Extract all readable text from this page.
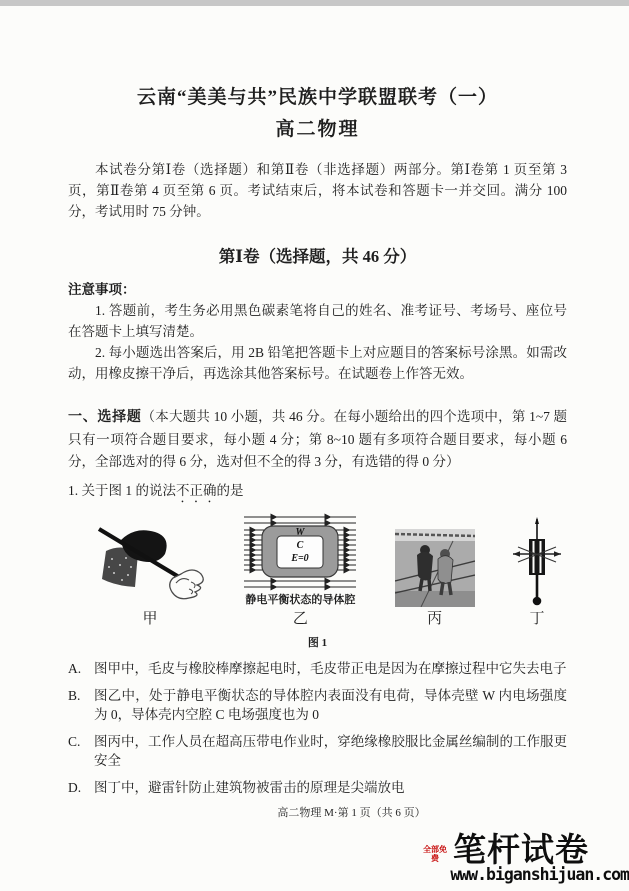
云南“美美与共”民族中学联盟联考（一）
高二物理

本试卷分第Ⅰ卷（选择题）和第Ⅱ卷（非选择题）两部分。第Ⅰ卷第 1 页至第 3 页，第Ⅱ卷第 4 页至第 6 页。考试结束后，将本试卷和答题卡一并交回。满分 100 分，考试用时 75 分钟。

第Ⅰ卷（选择题，共 46 分）
注意事项：

1. 答题前，考生务必用黑色碳素笔将自己的姓名、准考证号、考场号、座位号在答题卡上填写清楚。

2. 每小题选出答案后，用 2B 铅笔把答题卡上对应题目的答案标号涂黑。如需改动，用橡皮擦干净后，再选涂其他答案标号。在试题卷上作答无效。

一、选择题（本大题共 10 小题，共 46 分。在每小题给出的四个选项中，第 1~7 题只有一项符合题目要求，每小题 4 分；第 8~10 题有多项符合题目要求，每小题 6 分，全部选对的得 6 分，选对但不全的得 3 分，有选错的得 0 分）

1. 关于图 1 的说法不正确的是

甲
W
C
E=0
静电平衡状态的导体腔
乙	丙	丁
图 1
A. 图甲中，毛皮与橡胶棒摩擦起电时，毛皮带正电是因为在摩擦过程中它失去电子
B.	图乙中，处于静电平衡状态的导体腔内表面没有电荷，导体壳壁 W 内电场强度为 0，导体壳内空腔 C 电场强度也为 0
C.	图丙中，工作人员在超高压带电作业时，穿绝缘橡胶服比金属丝编制的工作服更安全
D. 图丁中，避雷针防止建筑物被雷击的原理是尖端放电
高二物理 M·第 1 页（共 6 页）
全部免费 笔杆试卷
www.biganshijuan.com
